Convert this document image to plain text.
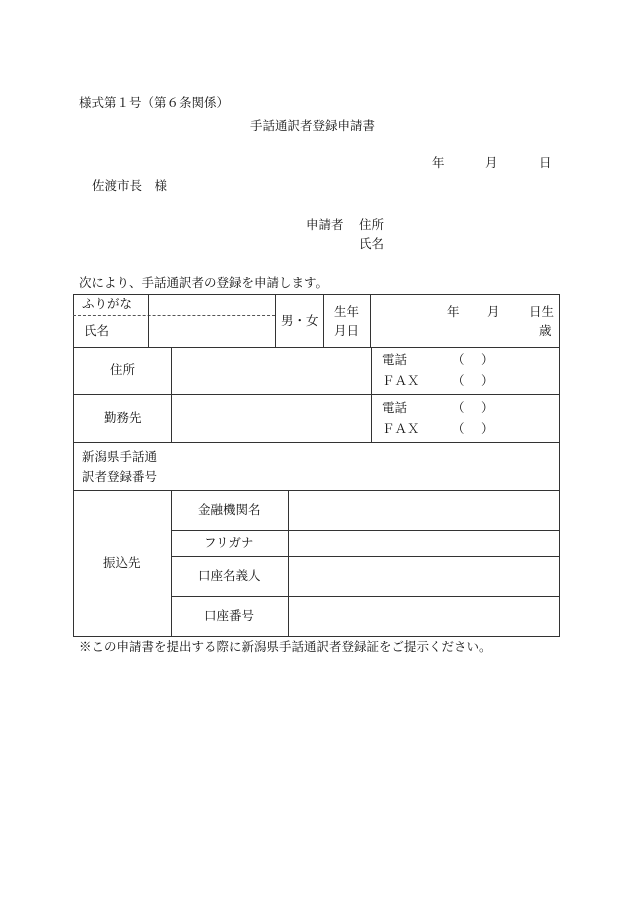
様式第１号（第６条関係）
手話通訳者登録申請書
年	月	日
佐渡市長　様
申請者 住所
氏名
次により、手話通訳者の登録を申請します。
ふりがな
氏名
男・女
生年
月日
年 月 日生
歳
住所
電話
ＦＡＸ
（ ）
（ ）
勤務先
電話
ＦＡＸ
（ ）
（ ）
新潟県手話通
訳者登録番号
振込先
金融機関名
フリガナ
口座名義人
口座番号
※この申請書を提出する際に新潟県手話通訳者登録証をご提示ください。
